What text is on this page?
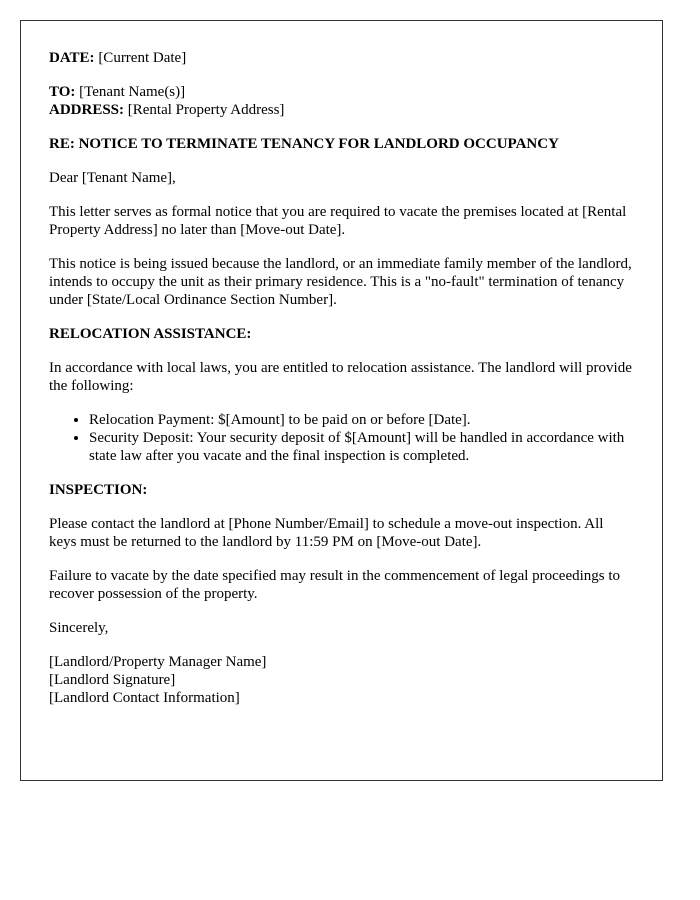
DATE: [Current Date]

TO: [Tenant Name(s)]
ADDRESS: [Rental Property Address]

RE: NOTICE TO TERMINATE TENANCY FOR LANDLORD OCCUPANCY

Dear [Tenant Name],

This letter serves as formal notice that you are required to vacate the premises located at [Rental Property Address] no later than [Move-out Date].

This notice is being issued because the landlord, or an immediate family member of the landlord, intends to occupy the unit as their primary residence. This is a "no-fault" termination of tenancy under [State/Local Ordinance Section Number].

RELOCATION ASSISTANCE:

In accordance with local laws, you are entitled to relocation assistance. The landlord will provide the following:

• Relocation Payment: $[Amount] to be paid on or before [Date].
• Security Deposit: Your security deposit of $[Amount] will be handled in accordance with state law after you vacate and the final inspection is completed.
INSPECTION:

Please contact the landlord at [Phone Number/Email] to schedule a move-out inspection. All keys must be returned to the landlord by 11:59 PM on [Move-out Date].

Failure to vacate by the date specified may result in the commencement of legal proceedings to recover possession of the property.

Sincerely,

[Landlord/Property Manager Name]
[Landlord Signature]
[Landlord Contact Information]
